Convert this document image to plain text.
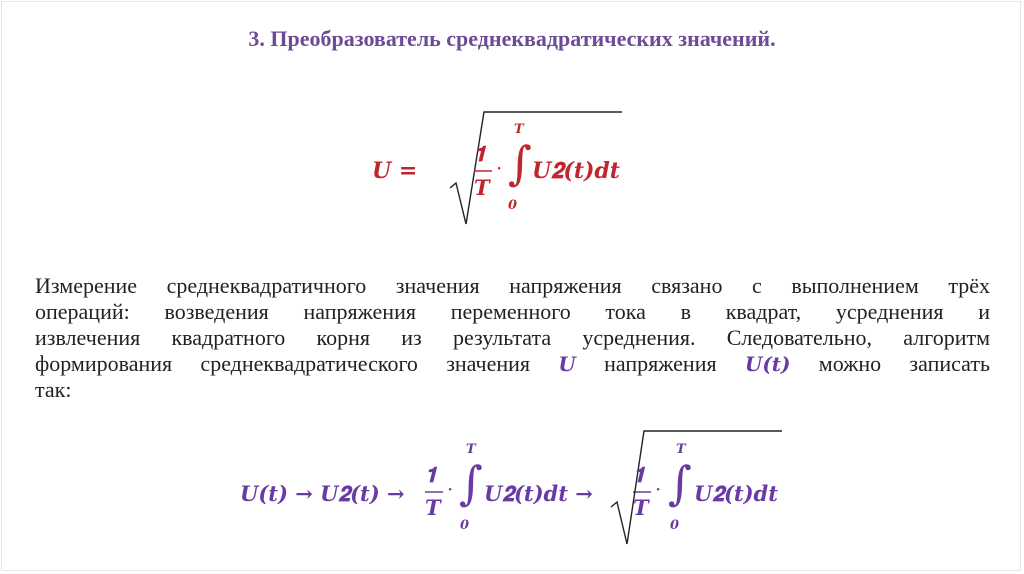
3. Преобразователь среднеквадратических значений.
𝑼 =
𝟏
𝑻
·
T
∫
0
𝑼𝟐(𝒕)𝒅𝒕
Измерение среднеквадратичного значения напряжения связано с выполнением трёх
операций: возведения напряжения переменного тока в квадрат, усреднения и
извлечения квадратного корня из результата усреднения. Следовательно, алгоритм
формирования среднеквадратического значения 𝑼 напряжения 𝑼(𝒕) можно записать
так:
𝑼(𝒕) → 𝑼𝟐(𝒕) →
𝟏
𝑻
·
T
∫
0
𝑼𝟐(𝒕)𝒅𝒕 →
𝟏
𝑻
·
T
∫
0
𝑼𝟐(𝒕)𝒅𝒕
